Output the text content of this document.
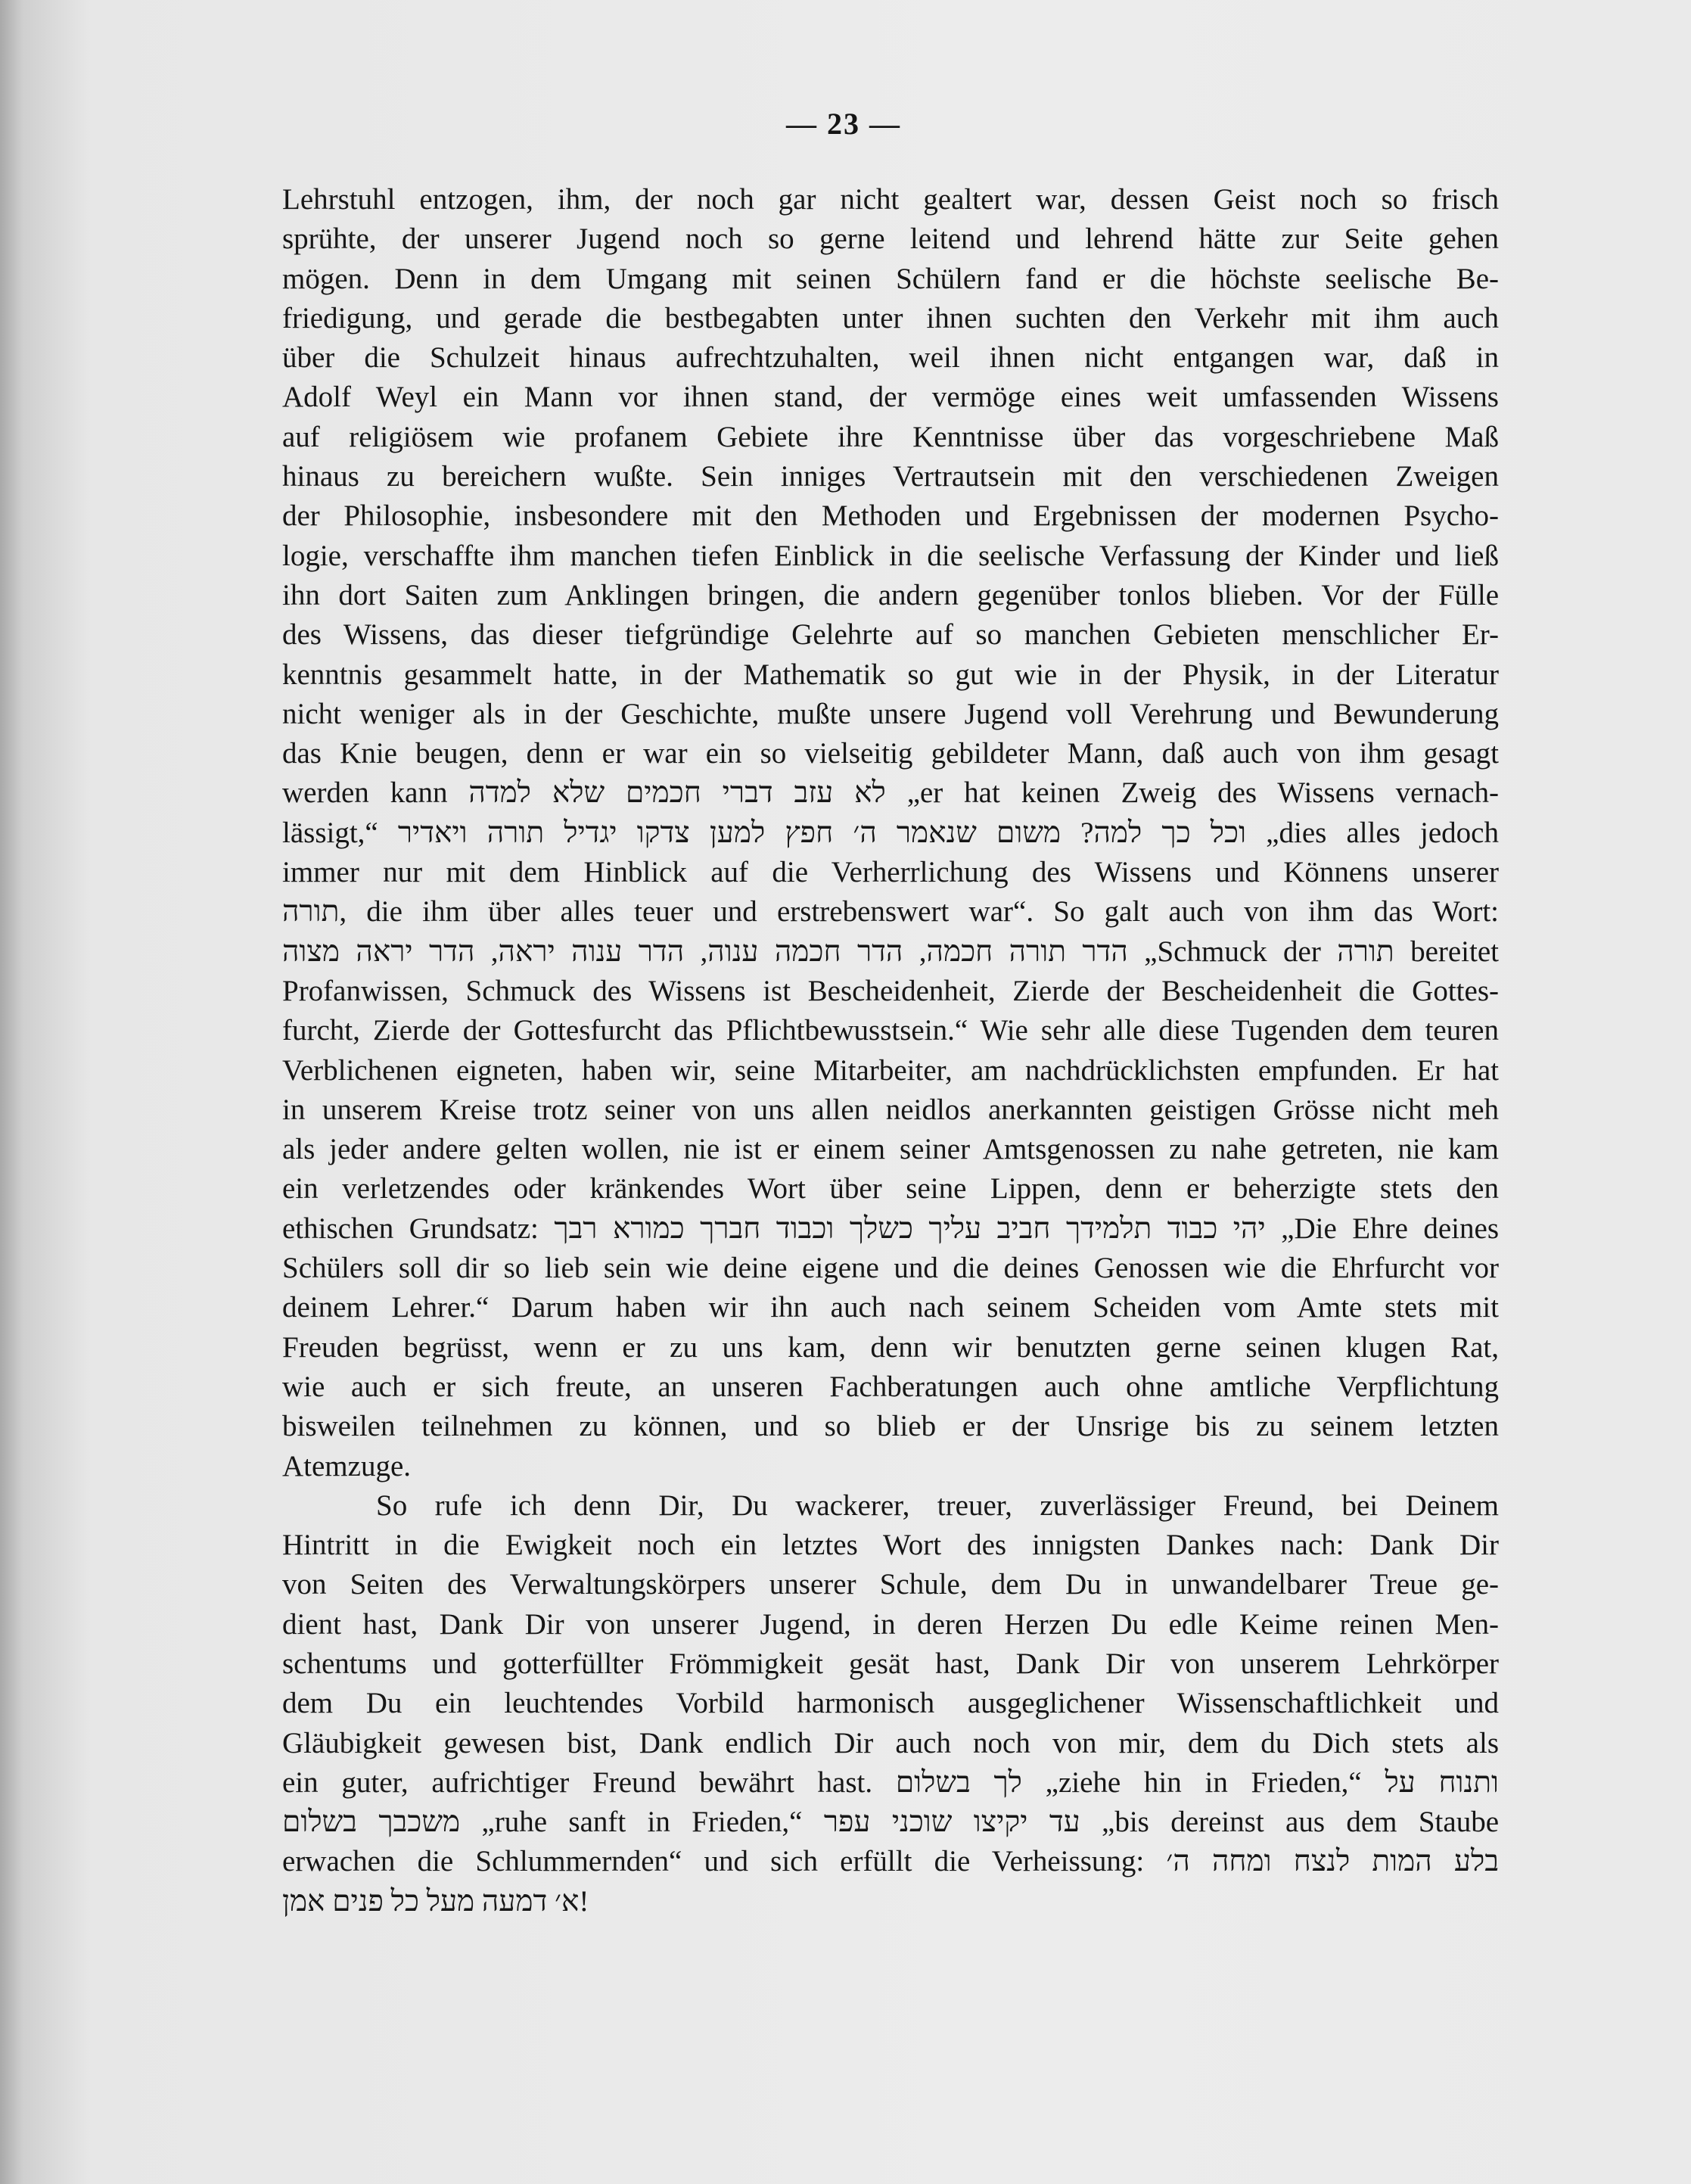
— 23 —
Lehrstuhl entzogen, ihm, der noch gar nicht gealtert war, dessen Geist noch so frisch
sprühte, der unserer Jugend noch so gerne leitend und lehrend hätte zur Seite gehen
mögen. Denn in dem Umgang mit seinen Schülern fand er die höchste seelische Be-
friedigung, und gerade die bestbegabten unter ihnen suchten den Verkehr mit ihm auch
über die Schulzeit hinaus aufrechtzuhalten, weil ihnen nicht entgangen war, daß in
Adolf Weyl ein Mann vor ihnen stand, der vermöge eines weit umfassenden Wissens
auf religiösem wie profanem Gebiete ihre Kenntnisse über das vorgeschriebene Maß
hinaus zu bereichern wußte. Sein inniges Vertrautsein mit den verschiedenen Zweigen
der Philosophie, insbesondere mit den Methoden und Ergebnissen der modernen Psycho-
logie, verschaffte ihm manchen tiefen Einblick in die seelische Verfassung der Kinder und ließ
ihn dort Saiten zum Anklingen bringen, die andern gegenüber tonlos blieben. Vor der Fülle
des Wissens, das dieser tiefgründige Gelehrte auf so manchen Gebieten menschlicher Er-
kenntnis gesammelt hatte, in der Mathematik so gut wie in der Physik, in der Literatur
nicht weniger als in der Geschichte, mußte unsere Jugend voll Verehrung und Bewunderung
das Knie beugen, denn er war ein so vielseitig gebildeter Mann, daß auch von ihm gesagt
werden kann לא עזב דברי חכמים שלא למדה „er hat keinen Zweig des Wissens vernach-
lässigt,“ וכל כך למה? משום שנאמר ה׳ חפץ למען צדקו יגדיל תורה ויאדיר „dies alles jedoch
immer nur mit dem Hinblick auf die Verherrlichung des Wissens und Könnens unserer
תורה, die ihm über alles teuer und erstrebenswert war“. So galt auch von ihm das Wort:
הדר תורה חכמה, הדר חכמה ענוה, הדר ענוה יראה, הדר יראה מצוה „Schmuck der תורה bereitet
Profanwissen, Schmuck des Wissens ist Bescheidenheit, Zierde der Bescheidenheit die Gottes-
furcht, Zierde der Gottesfurcht das Pflichtbewusstsein.“ Wie sehr alle diese Tugenden dem teuren
Verblichenen eigneten, haben wir, seine Mitarbeiter, am nachdrücklichsten empfunden. Er hat
in unserem Kreise trotz seiner von uns allen neidlos anerkannten geistigen Grösse nicht meh
als jeder andere gelten wollen, nie ist er einem seiner Amtsgenossen zu nahe getreten, nie kam
ein verletzendes oder kränkendes Wort über seine Lippen, denn er beherzigte stets den
ethischen Grundsatz: יהי כבוד תלמידך חביב עליך כשלך וכבוד חברך כמורא רבך „Die Ehre deines
Schülers soll dir so lieb sein wie deine eigene und die deines Genossen wie die Ehrfurcht vor
deinem Lehrer.“ Darum haben wir ihn auch nach seinem Scheiden vom Amte stets mit
Freuden begrüsst, wenn er zu uns kam, denn wir benutzten gerne seinen klugen Rat,
wie auch er sich freute, an unseren Fachberatungen auch ohne amtliche Verpflichtung
bisweilen teilnehmen zu können, und so blieb er der Unsrige bis zu seinem letzten
Atemzuge.
So rufe ich denn Dir, Du wackerer, treuer, zuverlässiger Freund, bei Deinem
Hintritt in die Ewigkeit noch ein letztes Wort des innigsten Dankes nach: Dank Dir
von Seiten des Verwaltungskörpers unserer Schule, dem Du in unwandelbarer Treue ge-
dient hast, Dank Dir von unserer Jugend, in deren Herzen Du edle Keime reinen Men-
schentums und gotterfüllter Frömmigkeit gesät hast, Dank Dir von unserem Lehrkörper
dem Du ein leuchtendes Vorbild harmonisch ausgeglichener Wissenschaftlichkeit und
Gläubigkeit gewesen bist, Dank endlich Dir auch noch von mir, dem du Dich stets als
ein guter, aufrichtiger Freund bewährt hast. לך בשלום „ziehe hin in Frieden,“ ותנוח על
משכבך בשלום „ruhe sanft in Frieden,“ עד יקיצו שוכני עפר „bis dereinst aus dem Staube
erwachen die Schlummernden“ und sich erfüllt die Verheissung: בלע המות לנצח ומחה ה׳
א׳ דמעה מעל כל פנים אמן!
